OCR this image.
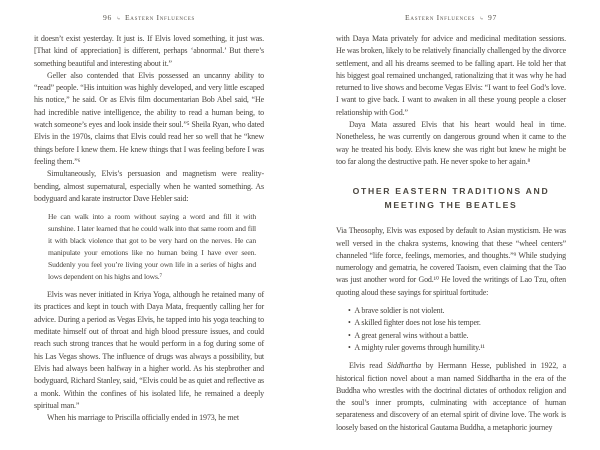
96 ϟ Eastern Influences

it doesn’t exist yesterday. It just is. If Elvis loved something, it just was. [That kind of appreciation] is different, perhaps ‘abnormal.’ But there’s something beautiful and interesting about it.”

Geller also contended that Elvis possessed an uncanny ability to “read” people. “His intuition was highly developed, and very little escaped his notice,” he said. Or as Elvis film documentarian Bob Abel said, “He had incredible native intelligence, the ability to read a human being, to watch someone’s eyes and look inside their soul.”⁵ Sheila Ryan, who dated Elvis in the 1970s, claims that Elvis could read her so well that he “knew things before I knew them. He knew things that I was feeling before I was feeling them.”⁶

Simultaneously, Elvis’s persuasion and magnetism were reality-bending, almost supernatural, especially when he wanted something. As bodyguard and karate instructor Dave Hebler said:

He can walk into a room without saying a word and fill it with sunshine. I later learned that he could walk into that same room and fill it with black violence that got to be very hard on the nerves. He can manipulate your emotions like no human being I have ever seen. Suddenly you feel you’re living your own life in a series of highs and lows dependent on his highs and lows.⁷

Elvis was never initiated in Kriya Yoga, although he retained many of its practices and kept in touch with Daya Mata, frequently calling her for advice. During a period as Vegas Elvis, he tapped into his yoga teaching to meditate himself out of throat and high blood pressure issues, and could reach such strong trances that he would perform in a fog during some of his Las Vegas shows. The influence of drugs was always a possibility, but Elvis had always been halfway in a higher world. As his stepbrother and bodyguard, Richard Stanley, said, “Elvis could be as quiet and reflective as a monk. Within the confines of his isolated life, he remained a deeply spiritual man.”

When his marriage to Priscilla officially ended in 1973, he met

Eastern Influences ϟ 97

with Daya Mata privately for advice and medicinal meditation sessions. He was broken, likely to be relatively financially challenged by the divorce settlement, and all his dreams seemed to be falling apart. He told her that his biggest goal remained unchanged, rationalizing that it was why he had returned to live shows and become Vegas Elvis: “I want to feel God’s love. I want to give back. I want to awaken in all these young people a closer relationship with God.”

Daya Mata assured Elvis that his heart would heal in time. Nonetheless, he was currently on dangerous ground when it came to the way he treated his body. Elvis knew she was right but knew he might be too far along the destructive path. He never spoke to her again.⁸

OTHER EASTERN TRADITIONS AND MEETING THE BEATLES

Via Theosophy, Elvis was exposed by default to Asian mysticism. He was well versed in the chakra systems, knowing that these “wheel centers” channeled “life force, feelings, memories, and thoughts.”⁹ While studying numerology and gematria, he covered Taoism, even claiming that the Tao was just another word for God.¹⁰ He loved the writings of Lao Tzu, often quoting aloud these sayings for spiritual fortitude:

•  A brave soldier is not violent.
•  A skilled fighter does not lose his temper.
•  A great general wins without a battle.
•  A mighty ruler governs through humility.¹¹

Elvis read Siddhartha by Hermann Hesse, published in 1922, a historical fiction novel about a man named Siddhartha in the era of the Buddha who wrestles with the doctrinal dictates of orthodox religion and the soul’s inner prompts, culminating with acceptance of human separateness and discovery of an eternal spirit of divine love. The work is loosely based on the historical Gautama Buddha, a metaphoric journey
